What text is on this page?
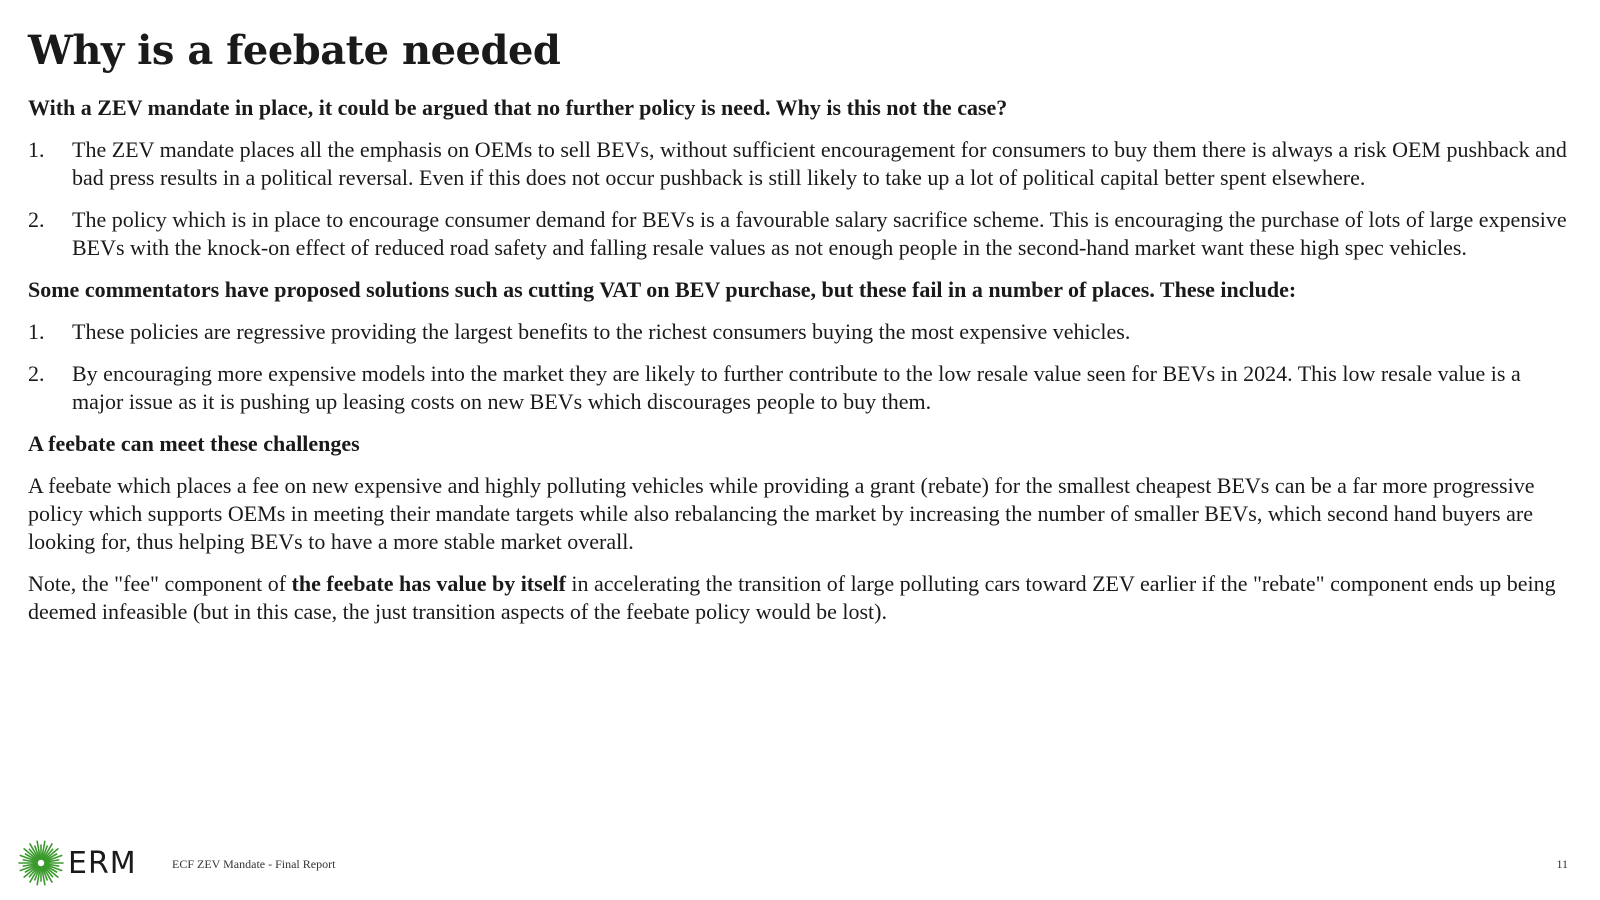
Why is a feebate needed

With a ZEV mandate in place, it could be argued that no further policy is need. Why is this not the case?

1. The ZEV mandate places all the emphasis on OEMs to sell BEVs, without sufficient encouragement for consumers to buy them there is always a risk OEM pushback and bad press results in a political reversal. Even if this does not occur pushback is still likely to take up a lot of political capital better spent elsewhere.
2. The policy which is in place to encourage consumer demand for BEVs is a favourable salary sacrifice scheme. This is encouraging the purchase of lots of large expensive BEVs with the knock-on effect of reduced road safety and falling resale values as not enough people in the second-hand market want these high spec vehicles.

Some commentators have proposed solutions such as cutting VAT on BEV purchase, but these fail in a number of places. These include:

1. These policies are regressive providing the largest benefits to the richest consumers buying the most expensive vehicles.
2. By encouraging more expensive models into the market they are likely to further contribute to the low resale value seen for BEVs in 2024. This low resale value is a major issue as it is pushing up leasing costs on new BEVs which discourages people to buy them.

A feebate can meet these challenges

A feebate which places a fee on new expensive and highly polluting vehicles while providing a grant (rebate) for the smallest cheapest BEVs can be a far more progressive policy which supports OEMs in meeting their mandate targets while also rebalancing the market by increasing the number of smaller BEVs, which second hand buyers are looking for, thus helping BEVs to have a more stable market overall.

Note, the "fee" component of the feebate has value by itself in accelerating the transition of large polluting cars toward ZEV earlier if the "rebate" component ends up being deemed infeasible (but in this case, the just transition aspects of the feebate policy would be lost).

ERM	ECF ZEV Mandate - Final Report	11
